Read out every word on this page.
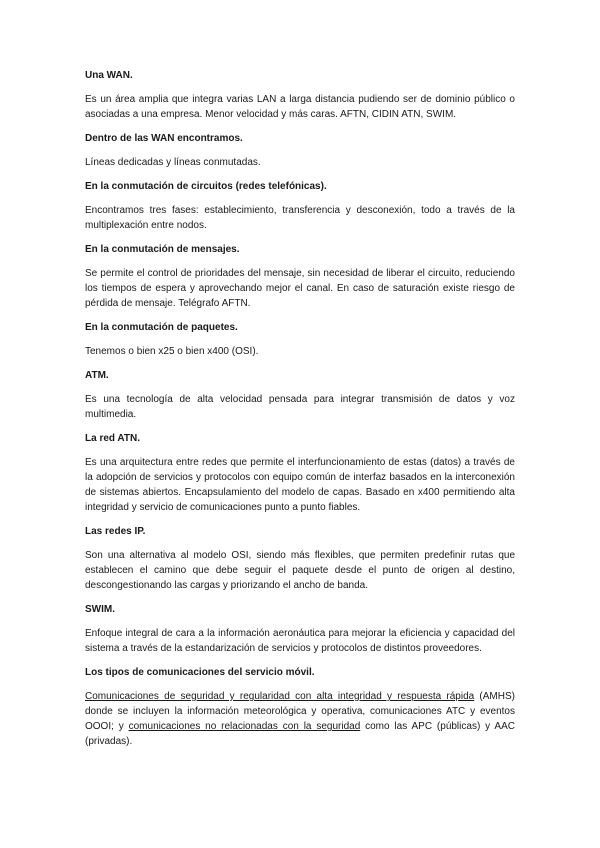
Una WAN.
Es un área amplia que integra varias LAN a larga distancia pudiendo ser de dominio público o asociadas a una empresa. Menor velocidad y más caras. AFTN, CIDIN ATN, SWIM.
Dentro de las WAN encontramos.
Líneas dedicadas y líneas conmutadas.
En la conmutación de circuitos (redes telefónicas).
Encontramos tres fases: establecimiento, transferencia y desconexión, todo a través de la multiplexación entre nodos.
En la conmutación de mensajes.
Se permite el control de prioridades del mensaje, sin necesidad de liberar el circuito, reduciendo los tiempos de espera y aprovechando mejor el canal. En caso de saturación existe riesgo de pérdida de mensaje. Telégrafo AFTN.
En la conmutación de paquetes.
Tenemos o bien x25 o bien x400 (OSI).
ATM.
Es una tecnología de alta velocidad pensada para integrar transmisión de datos y voz multimedia.
La red ATN.
Es una arquitectura entre redes que permite el interfuncionamiento de estas (datos) a través de la adopción de servicios y protocolos con equipo común de interfaz basados en la interconexión de sistemas abiertos. Encapsulamiento del modelo de capas. Basado en x400 permitiendo alta integridad y servicio de comunicaciones punto a punto fiables.
Las redes IP.
Son una alternativa al modelo OSI, siendo más flexibles, que permiten predefinir rutas que establecen el camino que debe seguir el paquete desde el punto de origen al destino, descongestionando las cargas y priorizando el ancho de banda.
SWIM.
Enfoque integral de cara a la información aeronáutica para mejorar la eficiencia y capacidad del sistema a través de la estandarización de servicios y protocolos de distintos proveedores.
Los tipos de comunicaciones del servicio móvil.
Comunicaciones de seguridad y regularidad con alta integridad y respuesta rápida (AMHS) donde se incluyen la información meteorológica y operativa, comunicaciones ATC y eventos OOOI; y comunicaciones no relacionadas con la seguridad como las APC (públicas) y AAC (privadas).
